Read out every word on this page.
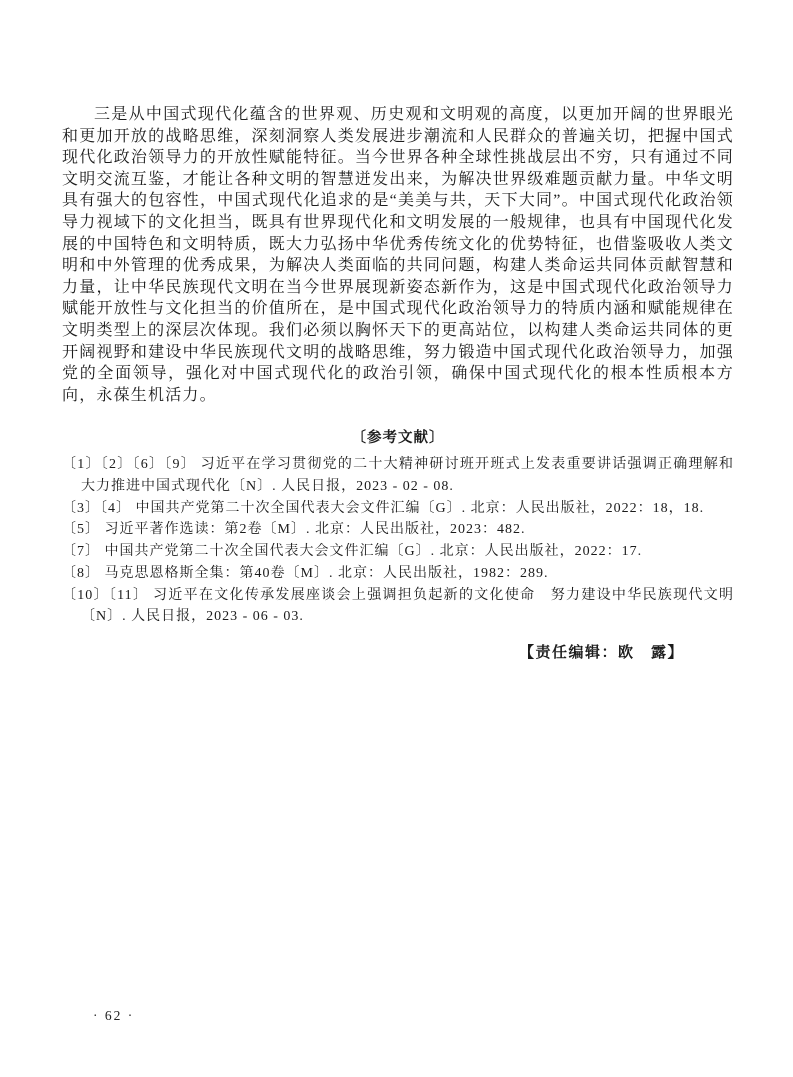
三是从中国式现代化蕴含的世界观、历史观和文明观的高度，以更加开阔的世界眼光和更加开放的战略思维，深刻洞察人类发展进步潮流和人民群众的普遍关切，把握中国式现代化政治领导力的开放性赋能特征。当今世界各种全球性挑战层出不穷，只有通过不同文明交流互鉴，才能让各种文明的智慧迸发出来，为解决世界级难题贡献力量。中华文明具有强大的包容性，中国式现代化追求的是“美美与共，天下大同”。中国式现代化政治领导力视域下的文化担当，既具有世界现代化和文明发展的一般规律，也具有中国现代化发展的中国特色和文明特质，既大力弘扬中华优秀传统文化的优势特征，也借鉴吸收人类文明和中外管理的优秀成果，为解决人类面临的共同问题，构建人类命运共同体贡献智慧和力量，让中华民族现代文明在当今世界展现新姿态新作为，这是中国式现代化政治领导力赋能开放性与文化担当的价值所在，是中国式现代化政治领导力的特质内涵和赋能规律在文明类型上的深层次体现。我们必须以胸怀天下的更高站位，以构建人类命运共同体的更开阔视野和建设中华民族现代文明的战略思维，努力锻造中国式现代化政治领导力，加强党的全面领导，强化对中国式现代化的政治引领，确保中国式现代化的根本性质根本方向，永葆生机活力。

〔参考文献〕

〔1〕〔2〕〔6〕〔9〕 习近平在学习贯彻党的二十大精神研讨班开班式上发表重要讲话强调正确理解和大力推进中国式现代化〔N〕. 人民日报，2023 - 02 - 08.

〔3〕〔4〕 中国共产党第二十次全国代表大会文件汇编〔G〕. 北京：人民出版社，2022：18，18.

〔5〕 习近平著作选读：第2卷〔M〕. 北京：人民出版社，2023：482.

〔7〕 中国共产党第二十次全国代表大会文件汇编〔G〕. 北京：人民出版社，2022：17.

〔8〕 马克思恩格斯全集：第40卷〔M〕. 北京：人民出版社，1982：289.

〔10〕〔11〕 习近平在文化传承发展座谈会上强调担负起新的文化使命　努力建设中华民族现代文明〔N〕. 人民日报，2023 - 06 - 03.

【责任编辑：欧　露】
· 62 ·
